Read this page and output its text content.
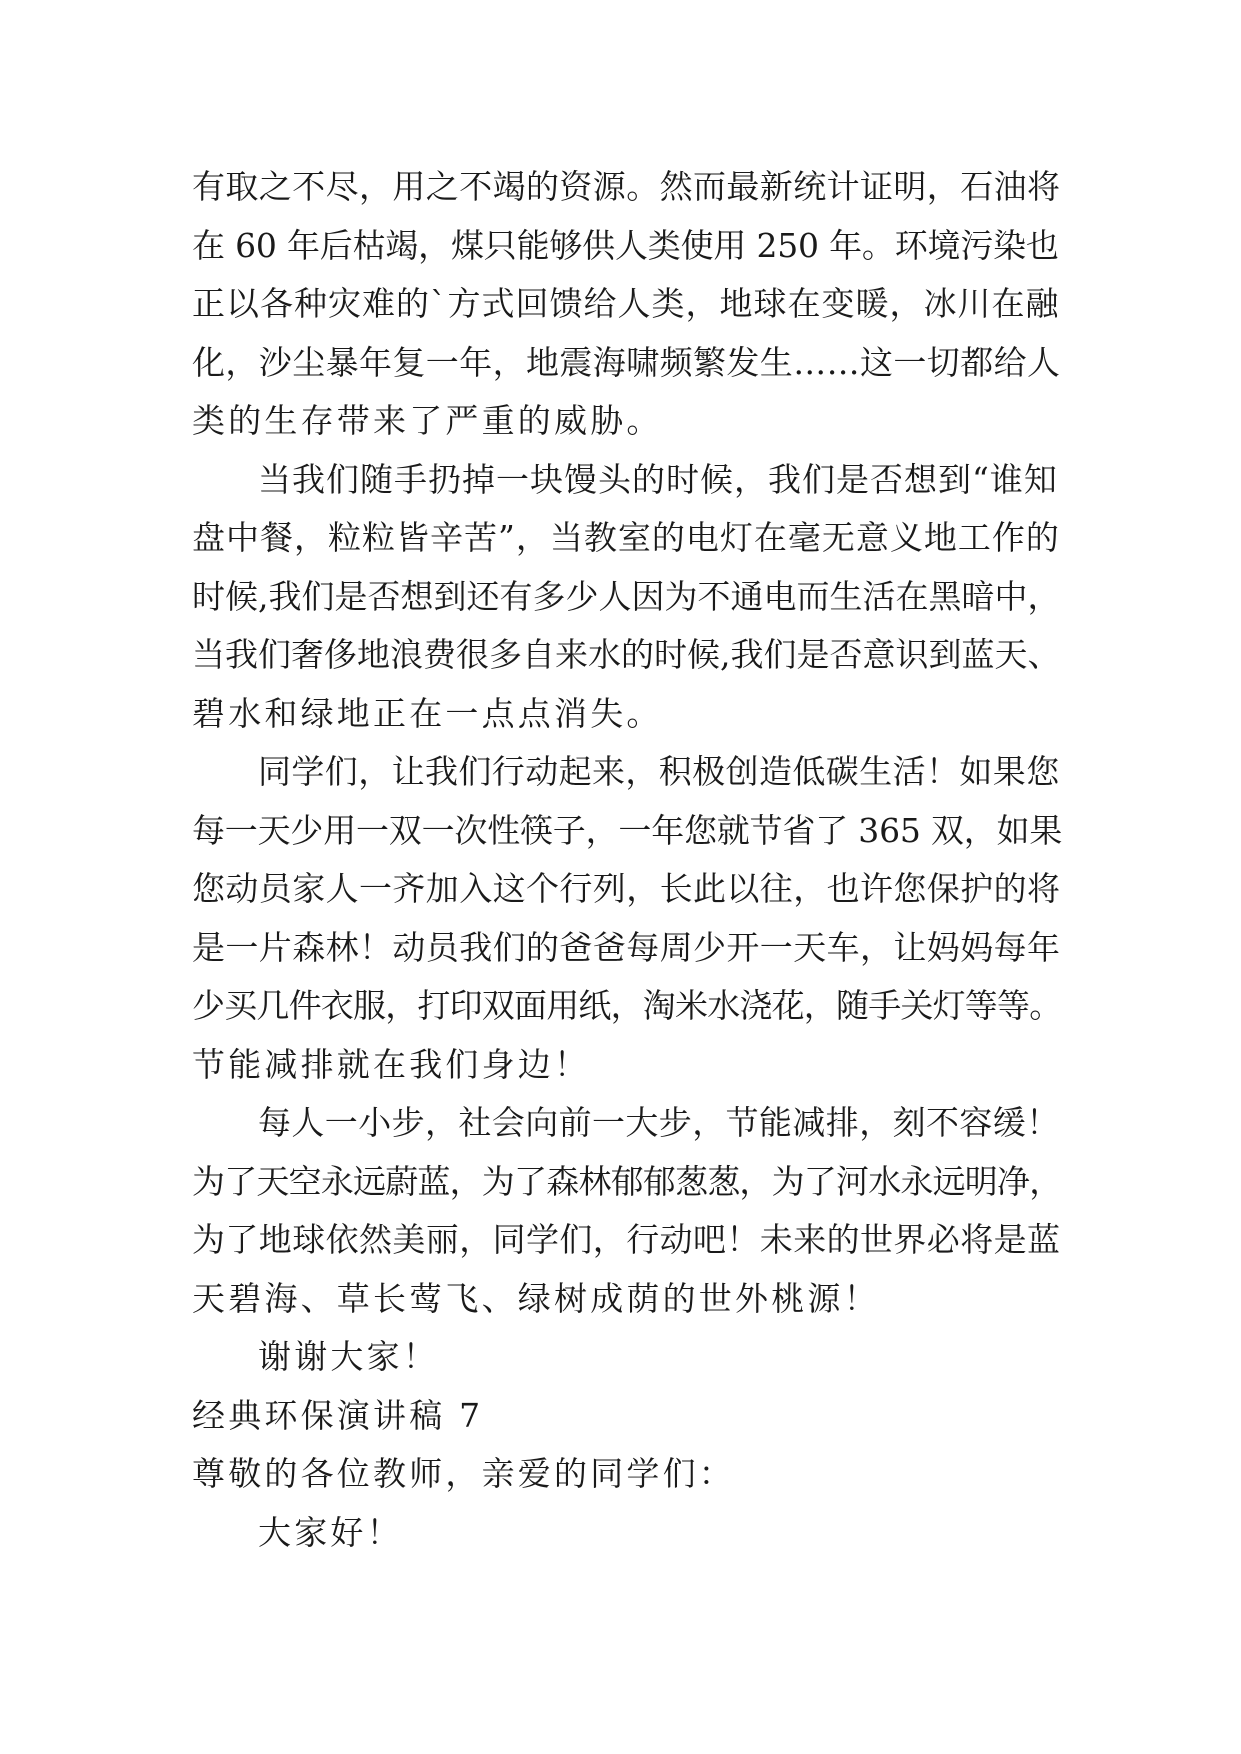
有取之不尽，用之不竭的资源。然而最新统计证明，石油将
在 60 年后枯竭，煤只能够供人类使用 250 年。环境污染也
正以各种灾难的`方式回馈给人类，地球在变暖，冰川在融
化，沙尘暴年复一年，地震海啸频繁发生……这一切都给人
类的生存带来了严重的威胁。
当我们随手扔掉一块馒头的时候，我们是否想到“谁知
盘中餐，粒粒皆辛苦”，当教室的电灯在毫无意义地工作的
时候,我们是否想到还有多少人因为不通电而生活在黑暗中，
当我们奢侈地浪费很多自来水的时候,我们是否意识到蓝天、
碧水和绿地正在一点点消失。
同学们，让我们行动起来，积极创造低碳生活！如果您
每一天少用一双一次性筷子，一年您就节省了 365 双，如果
您动员家人一齐加入这个行列，长此以往，也许您保护的将
是一片森林！动员我们的爸爸每周少开一天车，让妈妈每年
少买几件衣服，打印双面用纸，淘米水浇花，随手关灯等等。
节能减排就在我们身边！
每人一小步，社会向前一大步，节能减排，刻不容缓！
为了天空永远蔚蓝，为了森林郁郁葱葱，为了河水永远明净，
为了地球依然美丽，同学们，行动吧！未来的世界必将是蓝
天碧海、草长莺飞、绿树成荫的世外桃源！
谢谢大家！
经典环保演讲稿 7
尊敬的各位教师，亲爱的同学们：
大家好！
